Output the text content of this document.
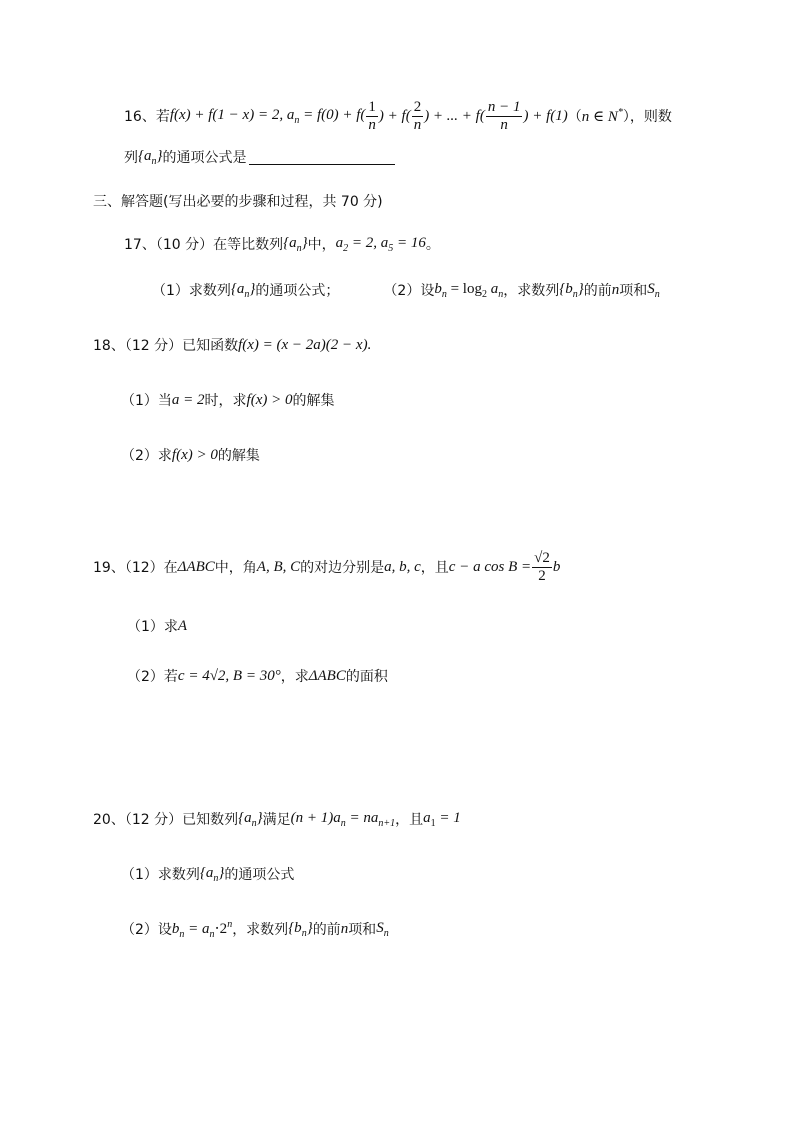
16、若 f(x) + f(1 − x) = 2, $a_n = f(0) + f( \frac{1}{n}$ ) + $f( \frac{2}{n}$ ) + ... + $f( \frac{n - 1}{n}$ ) + f(1) （ n ∈ N* ），则数
列 $\{a_n\}$ 的通项公式是
三、解答题(写出必要的步骤和过程，共 70 分)
17、（10 分）在等比数列 $\{a_n\}$ 中， $a_2 = 2$, $a_5 = 16$ 。
（1）求数列 $\{a_n\}$ 的通项公式；	（2）设 $b_n = \log_2 a_n$ ，求数列 $\{b_n\}$ 的前 n 项和 $S_n$
18、（12 分）已知函数 f(x) = (x − 2a)(2 − x).
（1）当 a = 2 时，求 f(x) > 0 的解集
（2）求 f(x) > 0 的解集
19、（12）在 ΔABC 中，角 A, B, C 的对边分别是 a, b, c ，且 c − a $\cos B = \frac{√2}{2}$ b
（1）求 A
（2）若 c = 4√2, B = 30° ，求 ΔABC 的面积
20、（12 分）已知数列 $\{a_n\}$ 满足 $(n + 1)a_n = na_{n+1}$ ，且 $a_1 = 1$
（1）求数列 $\{a_n\}$ 的通项公式
（2）设 $b_n = a_n\cdot 2^n$ ，求数列 $\{b_n\}$ 的前 n 项和 $S_n$
